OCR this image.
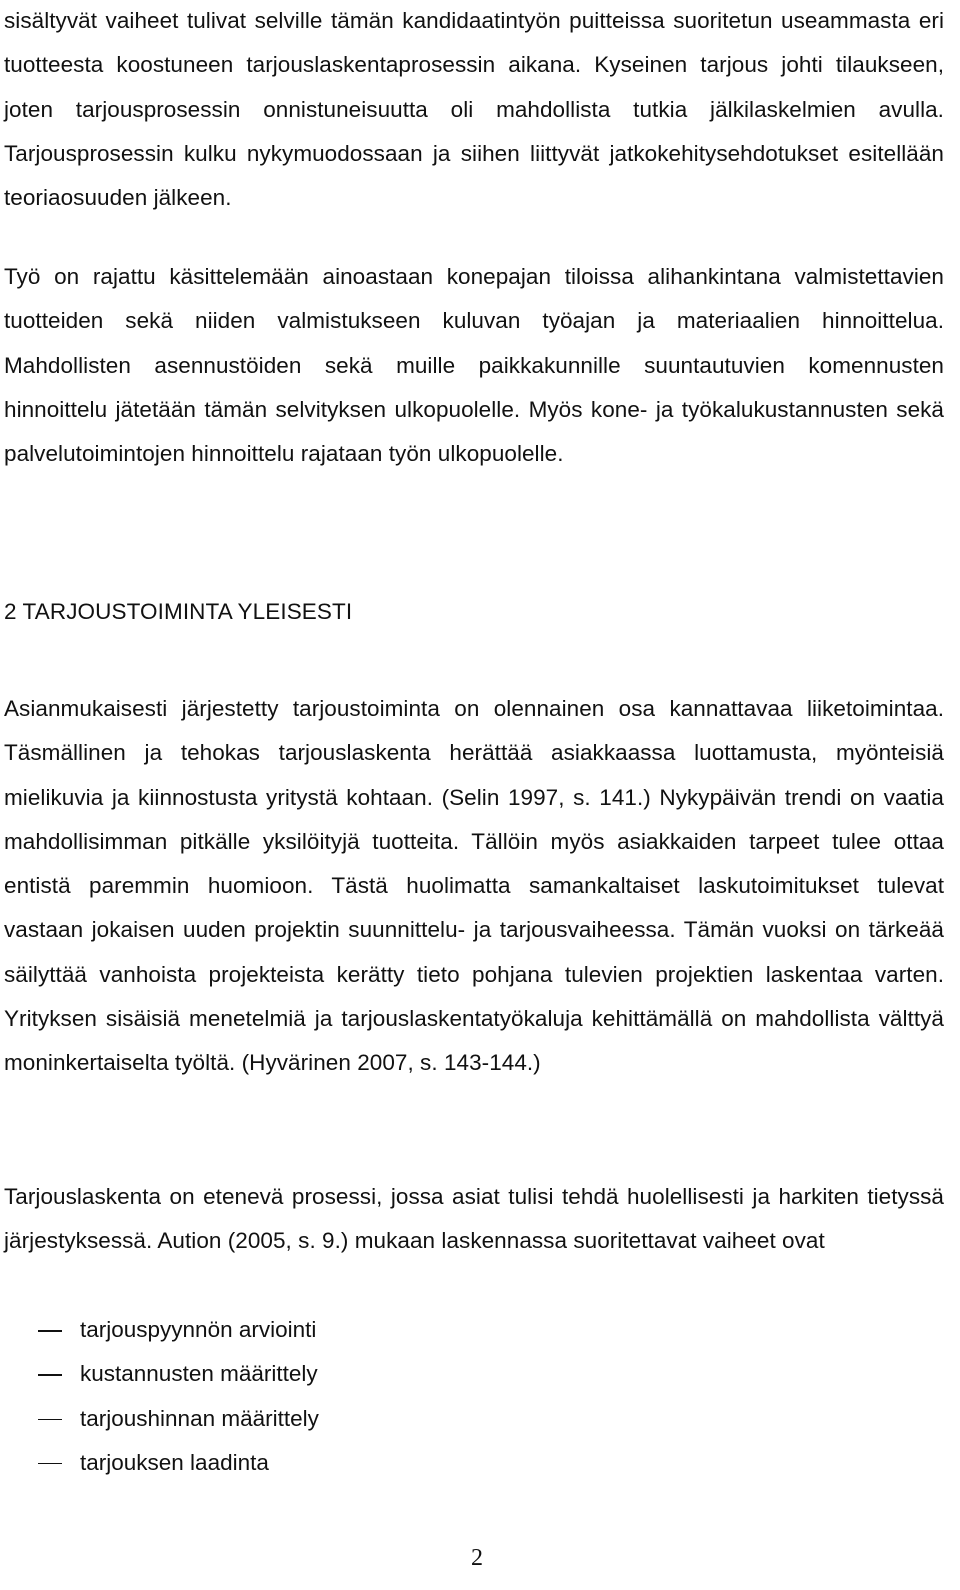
sisältyvät vaiheet tulivat selville tämän kandidaatintyön puitteissa suoritetun useammasta eri tuotteesta koostuneen tarjouslaskentaprosessin aikana. Kyseinen tarjous johti tilaukseen, joten tarjousprosessin onnistuneisuutta oli mahdollista tutkia jälkilaskelmien avulla. Tarjousprosessin kulku nykymuodossaan ja siihen liittyvät jatkokehitysehdotukset esitellään teoriaosuuden jälkeen.

Työ on rajattu käsittelemään ainoastaan konepajan tiloissa alihankintana valmistettavien tuotteiden sekä niiden valmistukseen kuluvan työajan ja materiaalien hinnoittelua. Mahdollisten asennustöiden sekä muille paikkakunnille suuntautuvien komennusten hinnoittelu jätetään tämän selvityksen ulkopuolelle. Myös kone- ja työkalukustannusten sekä palvelutoimintojen hinnoittelu rajataan työn ulkopuolelle.

2 TARJOUSTOIMINTA YLEISESTI

Asianmukaisesti järjestetty tarjoustoiminta on olennainen osa kannattavaa liiketoimintaa. Täsmällinen ja tehokas tarjouslaskenta herättää asiakkaassa luottamusta, myönteisiä mielikuvia ja kiinnostusta yritystä kohtaan. (Selin 1997, s. 141.) Nykypäivän trendi on vaatia mahdollisimman pitkälle yksilöityjä tuotteita. Tällöin myös asiakkaiden tarpeet tulee ottaa entistä paremmin huomioon. Tästä huolimatta samankaltaiset laskutoimitukset tulevat vastaan jokaisen uuden projektin suunnittelu- ja tarjousvaiheessa. Tämän vuoksi on tärkeää säilyttää vanhoista projekteista kerätty tieto pohjana tulevien projektien laskentaa varten. Yrityksen sisäisiä menetelmiä ja tarjouslaskentatyökaluja kehittämällä on mahdollista välttyä moninkertaiselta työltä. (Hyvärinen 2007, s. 143-144.)

Tarjouslaskenta on etenevä prosessi, jossa asiat tulisi tehdä huolellisesti ja harkiten tietyssä järjestyksessä. Aution (2005, s. 9.) mukaan laskennassa suoritettavat vaiheet ovat

tarjouspyynnön arviointi
kustannusten määrittely
tarjoushinnan määrittely
tarjouksen laadinta
2
